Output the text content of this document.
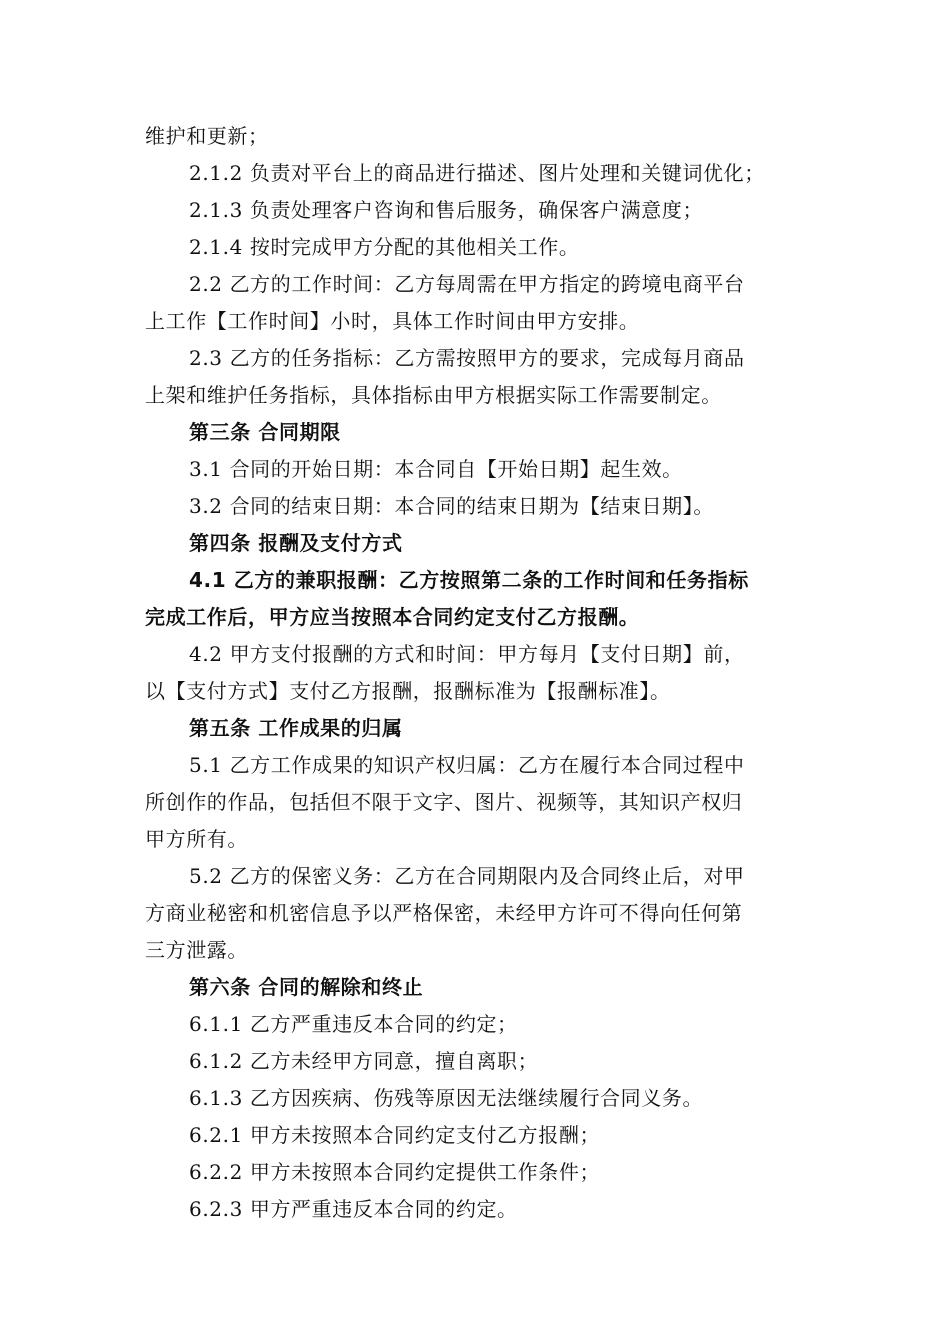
维护和更新；
2.1.2 负责对平台上的商品进行描述、图片处理和关键词优化；
2.1.3 负责处理客户咨询和售后服务，确保客户满意度；
2.1.4 按时完成甲方分配的其他相关工作。
2.2 乙方的工作时间：乙方每周需在甲方指定的跨境电商平台
上工作【工作时间】小时，具体工作时间由甲方安排。
2.3 乙方的任务指标：乙方需按照甲方的要求，完成每月商品
上架和维护任务指标，具体指标由甲方根据实际工作需要制定。
第三条 合同期限
3.1 合同的开始日期：本合同自【开始日期】起生效。
3.2 合同的结束日期：本合同的结束日期为【结束日期】。
第四条 报酬及支付方式
4.1 乙方的兼职报酬：乙方按照第二条的工作时间和任务指标
完成工作后，甲方应当按照本合同约定支付乙方报酬。
4.2 甲方支付报酬的方式和时间：甲方每月【支付日期】前，
以【支付方式】支付乙方报酬，报酬标准为【报酬标准】。
第五条 工作成果的归属
5.1 乙方工作成果的知识产权归属：乙方在履行本合同过程中
所创作的作品，包括但不限于文字、图片、视频等，其知识产权归
甲方所有。
5.2 乙方的保密义务：乙方在合同期限内及合同终止后，对甲
方商业秘密和机密信息予以严格保密，未经甲方许可不得向任何第
三方泄露。
第六条 合同的解除和终止
6.1.1 乙方严重违反本合同的约定；
6.1.2 乙方未经甲方同意，擅自离职；
6.1.3 乙方因疾病、伤残等原因无法继续履行合同义务。
6.2.1 甲方未按照本合同约定支付乙方报酬；
6.2.2 甲方未按照本合同约定提供工作条件；
6.2.3 甲方严重违反本合同的约定。
